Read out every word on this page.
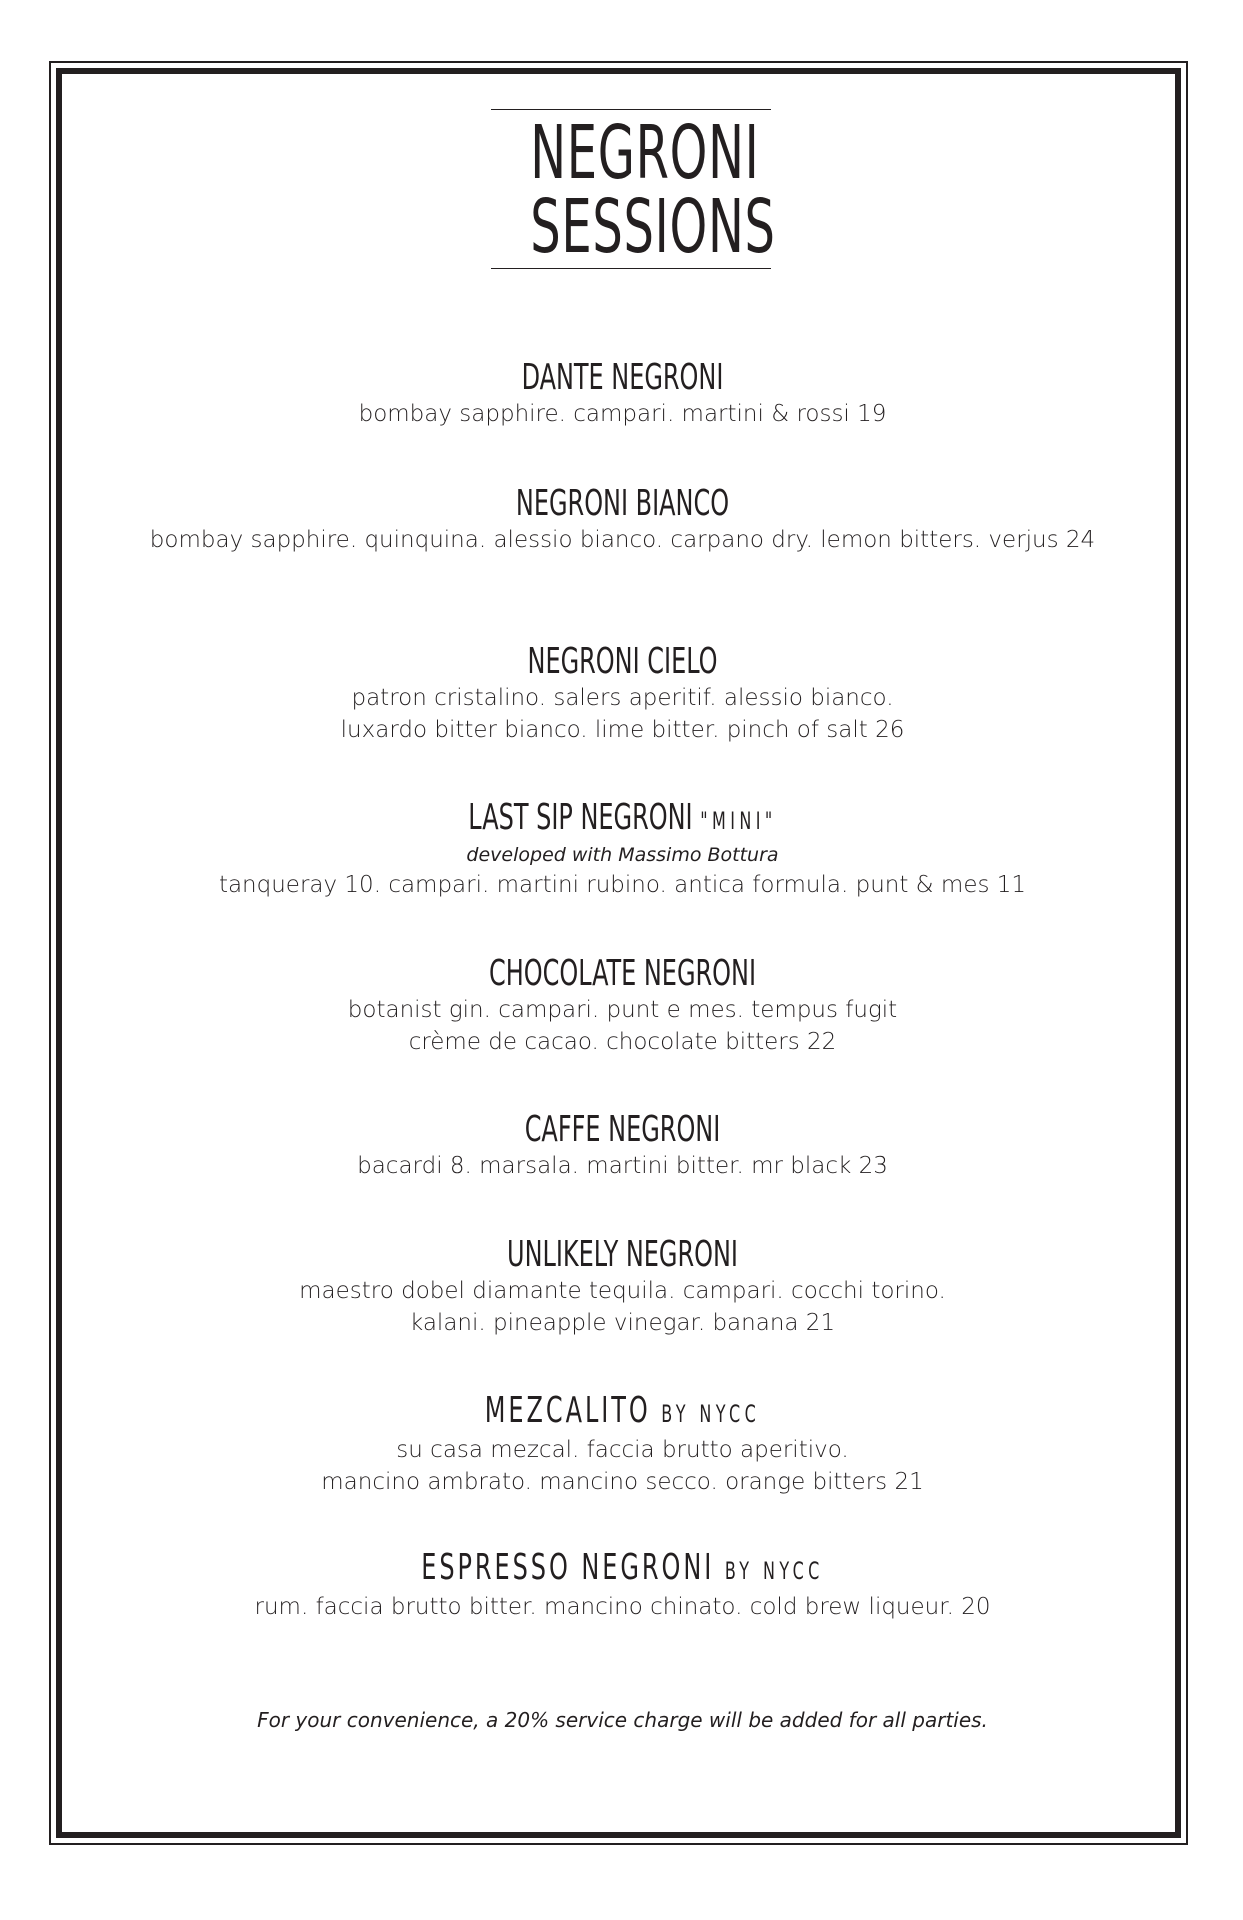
NEGRONI
SESSIONS
DANTE NEGRONI
bombay sapphire. campari. martini & rossi 19
NEGRONI BIANCO
bombay sapphire. quinquina. alessio bianco. carpano dry. lemon bitters. verjus 24
NEGRONI CIELO
patron cristalino. salers aperitif. alessio bianco.
luxardo bitter bianco. lime bitter. pinch of salt 26
LAST SIP NEGRONI "MINI"
developed with Massimo Bottura
tanqueray 10. campari. martini rubino. antica formula. punt & mes 11
CHOCOLATE NEGRONI
botanist gin. campari. punt e mes. tempus fugit
crème de cacao. chocolate bitters 22
CAFFE NEGRONI
bacardi 8. marsala. martini bitter. mr black 23
UNLIKELY NEGRONI
maestro dobel diamante tequila. campari. cocchi torino.
kalani. pineapple vinegar. banana 21
MEZCALITO BY NYCC
su casa mezcal. faccia brutto aperitivo.
mancino ambrato. mancino secco. orange bitters 21
ESPRESSO NEGRONI BY NYCC
rum. faccia brutto bitter. mancino chinato. cold brew liqueur. 20
For your convenience, a 20% service charge will be added for all parties.
